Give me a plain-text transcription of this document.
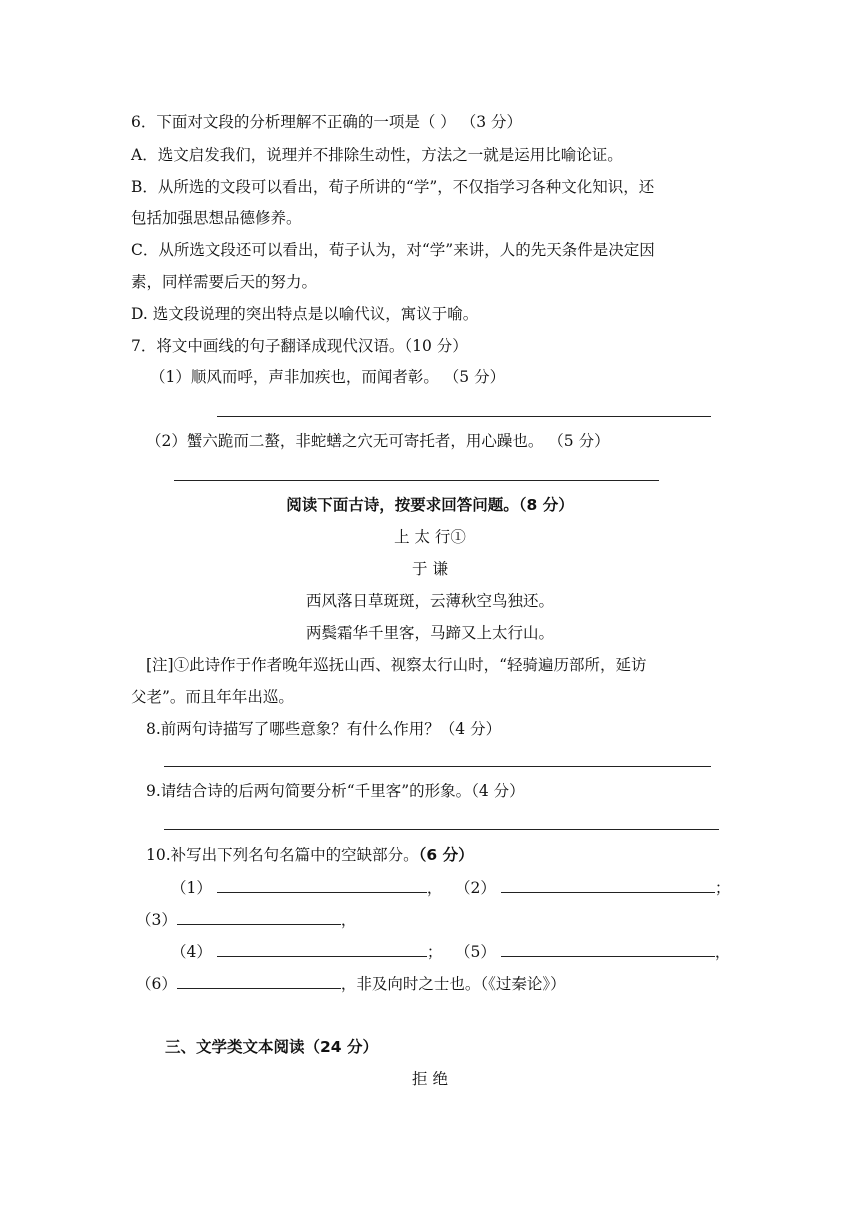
6．下面对文段的分析理解不正确的一项是（ ） （3 分）
A．选文启发我们，说理并不排除生动性，方法之一就是运用比喻论证。
B．从所选的文段可以看出，荀子所讲的“学”，不仅指学习各种文化知识，还
包括加强思想品德修养。
C．从所选文段还可以看出，荀子认为，对“学”来讲，人的先天条件是决定因
素，同样需要后天的努力。
D. 选文段说理的突出特点是以喻代议，寓议于喻。
7．将文中画线的句子翻译成现代汉语。（10 分）
（1）顺风而呼，声非加疾也，而闻者彰。 （5 分）
（2）蟹六跪而二螯，非蛇蟮之穴无可寄托者，用心躁也。 （5 分）
阅读下面古诗，按要求回答问题。（8 分）
上 太 行①
于 谦
西风落日草斑斑，云薄秋空鸟独还。
两鬓霜华千里客，马蹄又上太行山。
[注]①此诗作于作者晚年巡抚山西、视察太行山时，“轻骑遍历部所，延访
父老”。而且年年出巡。
8.前两句诗描写了哪些意象？有什么作用？（4 分）
9.请结合诗的后两句简要分析“千里客”的形象。（4 分）
10.补写出下列名句名篇中的空缺部分。（6 分）
（1）	， （2）	；
（3）	，
（4）	； （5）	，
（6）	，非及向时之士也。（《过秦论》）
三、文学类文本阅读（24 分）
拒 绝
